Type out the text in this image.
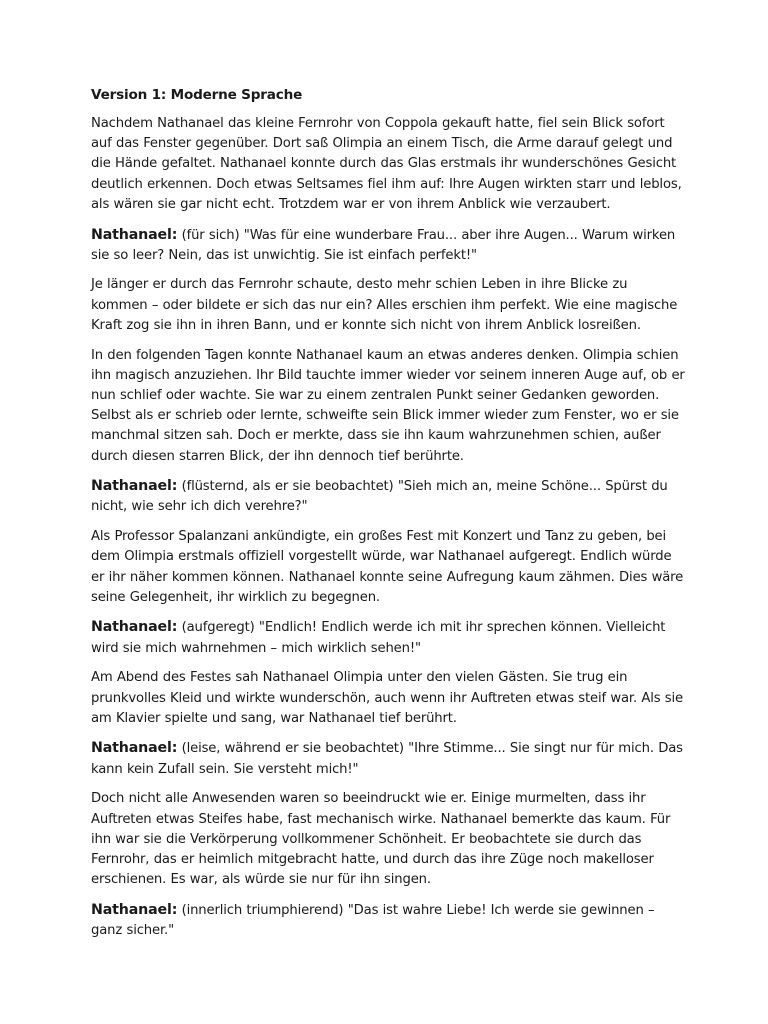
Version 1: Moderne Sprache

Nachdem Nathanael das kleine Fernrohr von Coppola gekauft hatte, fiel sein Blick sofort auf das Fenster gegenüber. Dort saß Olimpia an einem Tisch, die Arme darauf gelegt und die Hände gefaltet. Nathanael konnte durch das Glas erstmals ihr wunderschönes Gesicht deutlich erkennen. Doch etwas Seltsames fiel ihm auf: Ihre Augen wirkten starr und leblos, als wären sie gar nicht echt. Trotzdem war er von ihrem Anblick wie verzaubert.

Nathanael: (für sich) "Was für eine wunderbare Frau... aber ihre Augen... Warum wirken sie so leer? Nein, das ist unwichtig. Sie ist einfach perfekt!"

Je länger er durch das Fernrohr schaute, desto mehr schien Leben in ihre Blicke zu kommen – oder bildete er sich das nur ein? Alles erschien ihm perfekt. Wie eine magische Kraft zog sie ihn in ihren Bann, und er konnte sich nicht von ihrem Anblick losreißen.

In den folgenden Tagen konnte Nathanael kaum an etwas anderes denken. Olimpia schien ihn magisch anzuziehen. Ihr Bild tauchte immer wieder vor seinem inneren Auge auf, ob er nun schlief oder wachte. Sie war zu einem zentralen Punkt seiner Gedanken geworden. Selbst als er schrieb oder lernte, schweifte sein Blick immer wieder zum Fenster, wo er sie manchmal sitzen sah. Doch er merkte, dass sie ihn kaum wahrzunehmen schien, außer durch diesen starren Blick, der ihn dennoch tief berührte.

Nathanael: (flüsternd, als er sie beobachtet) "Sieh mich an, meine Schöne... Spürst du nicht, wie sehr ich dich verehre?"

Als Professor Spalanzani ankündigte, ein großes Fest mit Konzert und Tanz zu geben, bei dem Olimpia erstmals offiziell vorgestellt würde, war Nathanael aufgeregt. Endlich würde er ihr näher kommen können. Nathanael konnte seine Aufregung kaum zähmen. Dies wäre seine Gelegenheit, ihr wirklich zu begegnen.

Nathanael: (aufgeregt) "Endlich! Endlich werde ich mit ihr sprechen können. Vielleicht wird sie mich wahrnehmen – mich wirklich sehen!"

Am Abend des Festes sah Nathanael Olimpia unter den vielen Gästen. Sie trug ein prunkvolles Kleid und wirkte wunderschön, auch wenn ihr Auftreten etwas steif war. Als sie am Klavier spielte und sang, war Nathanael tief berührt.

Nathanael: (leise, während er sie beobachtet) "Ihre Stimme... Sie singt nur für mich. Das kann kein Zufall sein. Sie versteht mich!"

Doch nicht alle Anwesenden waren so beeindruckt wie er. Einige murmelten, dass ihr Auftreten etwas Steifes habe, fast mechanisch wirke. Nathanael bemerkte das kaum. Für ihn war sie die Verkörperung vollkommener Schönheit. Er beobachtete sie durch das Fernrohr, das er heimlich mitgebracht hatte, und durch das ihre Züge noch makelloser erschienen. Es war, als würde sie nur für ihn singen.

Nathanael: (innerlich triumphierend) "Das ist wahre Liebe! Ich werde sie gewinnen – ganz sicher."
